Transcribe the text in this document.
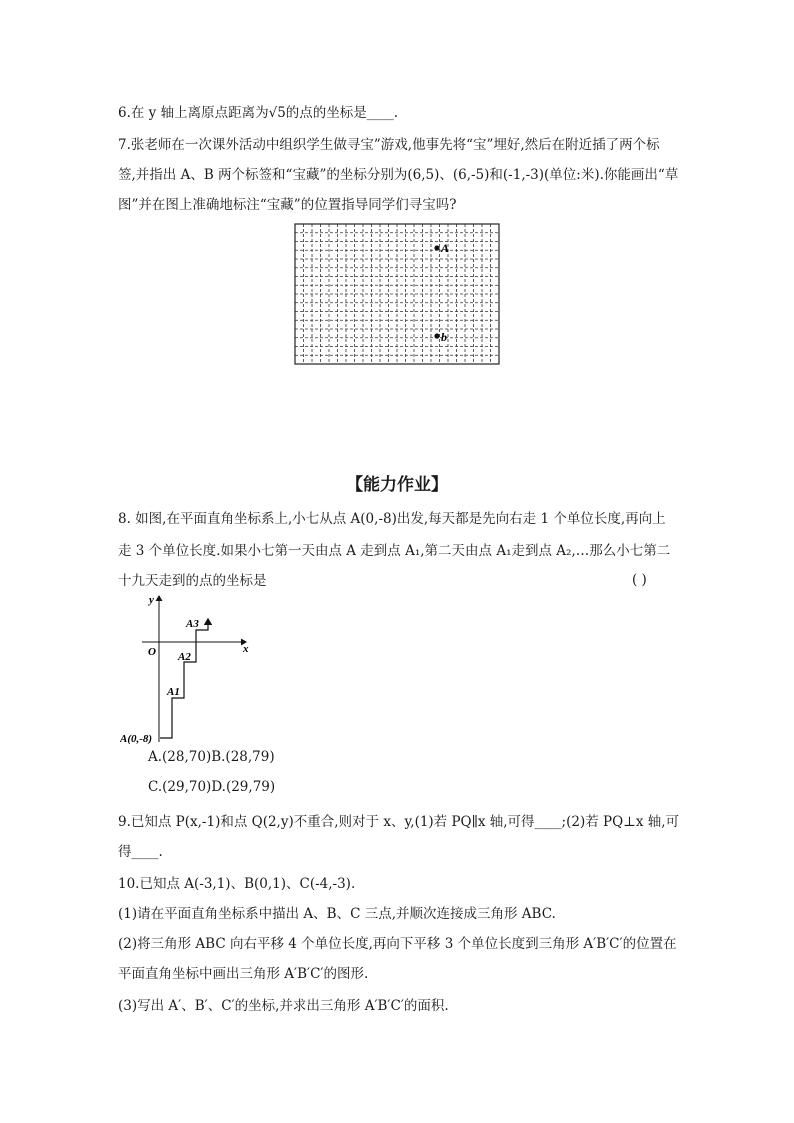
6.在 y 轴上离原点距离为√5的点的坐标是____.
7.张老师在一次课外活动中组织学生做寻宝”游戏,他事先将“宝”埋好,然后在附近插了两个标
签,并指出 A、B 两个标签和“宝藏”的坐标分别为(6,5)、(6,-5)和(-1,-3)(单位:米).你能画出“草
图”并在图上准确地标注“宝藏”的位置指导同学们寻宝吗?
A
b
【能力作业】
8. 如图,在平面直角坐标系上,小七从点 A(0,-8)出发,每天都是先向右走 1 个单位长度,再向上
走 3 个单位长度.如果小七第一天由点 A 走到点 A₁,第二天由点 A₁走到点 A₂,…那么小七第二
十九天走到的点的坐标是	( )
y
x
O
A1
A2
A3
A(0,-8)
A.(28,70)B.(28,79)
C.(29,70)D.(29,79)
9.已知点 P(x,-1)和点 Q(2,y)不重合,则对于 x、y,(1)若 PQ∥x 轴,可得____;(2)若 PQ⊥x 轴,可
得____.
10.已知点 A(-3,1)、B(0,1)、C(-4,-3).
(1)请在平面直角坐标系中描出 A、B、C 三点,并顺次连接成三角形 ABC.
(2)将三角形 ABC 向右平移 4 个单位长度,再向下平移 3 个单位长度到三角形 A′B′C′的位置在
平面直角坐标中画出三角形 A′B′C′的图形.
(3)写出 A′、B′、C′的坐标,并求出三角形 A′B′C′的面积.
